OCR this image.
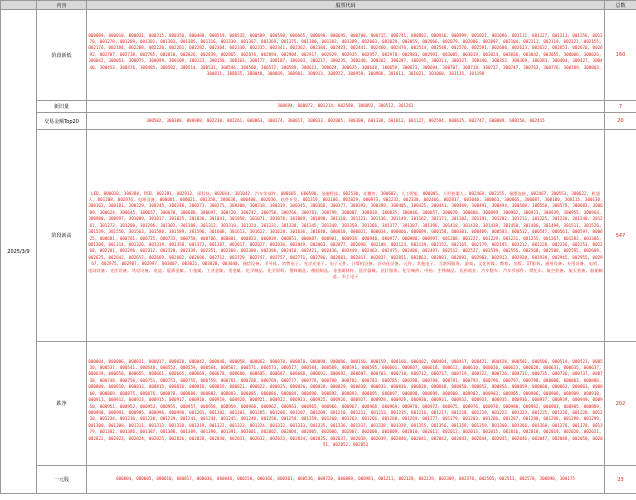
	内容	股票代码	总数
2025/3/9	阶段新低	000009, 000010, 000031, 000315, 000356, 000480, 000519, 000535, 000589, 000590, 000665, 000690, 000695, 000708, 000715, 000741, 000881, 000916, 000999, 001021, 001096, 001111, 001127, 001211, 001256, 001270, 001278, 001289, 001301, 001303, 001305, 001316, 001330, 001367, 001369, 001375, 001380, 001383, 001389, 002003, 002029, 002055, 002066, 002079, 002086, 002097, 002104, 002111, 002119, 002121, 002155, 002176, 002184, 002208, 002220, 002261, 002282, 002304, 002330, 002335, 002341, 002362, 002384, 002423, 002441, 002460, 002476, 002514, 002548, 002570, 002591, 002600, 002623, 002632, 002653, 002676, 002692, 002707, 002738, 002785, 002810, 002826, 002839, 002865, 002876, 002894, 002904, 002917, 002929, 002935, 002957, 002970, 002983, 002991, 003005, 003019, 003024, 003036, 003042, 003055, 300006, 300026, 300042, 300053, 300075, 300099, 300109, 300123, 300150, 300163, 300177, 300187, 300203, 300217, 300235, 300248, 300262, 300287, 300295, 300311, 300327, 300340, 300352, 300369, 300383, 300404, 300427, 300440, 300453, 300476, 300485, 300502, 300514, 300531, 300546, 300560, 300572, 300589, 300611, 300624, 300635, 300648, 300659, 300673, 300694, 300707, 300718, 300727, 300747, 300763, 300776, 300789, 300803, 300811, 300835, 300848, 300869, 300901, 300913, 300922, 300958, 300986, 301011, 301021, 301060, 301135, 301198	160
	新旧量	300694, 000072, 001214, 002588, 300092, 300512, 301261	7
	交易金额Top20	300502, 300308, 000988, 002230, 002261, 000063, 300274, 300017, 300033, 002085, 300308, 601138, 601012, 601127, 002594, 000625, 002747, 600089, 688256, 002415	20
	阶段新高	LED, 000020, 300380, PCB, 002281, 002913, 深科技, 002014, 301042, 汽车零部件, 000605, 600590, 金融科技, 002530, 光模块, 300602, 人工智能, 000085, 人形机器人, 002468, 002155, 铜缆连接, 002467, 300553, 300622, 机器人, 001208, 002976, 电源设备, 000001, 000021, 002358, 300638, 000408, 002036, 软件开发, 001319, 002106, 002829, 000973, 002232, 002338, 002466, 002837, 003040, 300061, 300065, 300087, 300100, 300115, 300130, 300162, 300181, 300229, 300245, 300248, 300271, 300275, 300300, 300318, 300339, 300345, 300368, 300377, 300393, 300398, 300405, 300425, 300441, 300469, 300491, 300494, 300500, 300550, 300578, 300603, 300609, 300624, 300645, 300657, 300678, 300688, 300697, 300720, 300742, 300750, 300766, 300781, 300799, 300807, 300820, 300835, 300846, 300857, 300870, 300886, 300899, 300902, 300921, 300939, 300955, 300964, 300980, 300997, 301009, 301017, 301025, 301036, 301041, 301058, 301071, 301078, 301089, 301098, 301110, 301121, 301136, 301149, 301162, 301171, 301182, 301191, 301202, 301211, 301225, 301236, 301248, 301261, 301272, 301280, 301296, 301302, 301308, 301312, 301318, 301324, 301331, 301338, 301345, 301349, 301358, 301366, 301377, 301387, 301396, 301418, 301428, 301439, 301458, 301486, 301499, 301511, 301526, 301539, 301550, 301563, 301580, 301589, 301596, 301608, 301613, 301622, 301628, 301636, 301648, 000010, 000021, 000034, 000066, 000099, 000158, 000301, 000409, 000503, 000532, 000547, 000561, 000597, 000625, 000681, 000701, 000725, 000733, 000758, 000786, 000801, 000823, 000839, 000851, 000887, 000901, 000938, 000948, 000977, 000988, 000997, 001208, 001227, 001229, 001231, 001255, 001267, 001282, 001306, 001309, 001314, 001326, 001339, 001358, 001373, 001387, 002017, 002027, 002036, 002049, 002063, 002077, 002090, 002108, 002123, 002139, 002152, 002165, 002179, 002195, 002212, 002228, 002236, 002253, 002268, 002281, 002296, 002312, 002328, 002339, 002351, 002368, 002380, 002396, 002410, 002421, 002436, 002449, 002463, 002475, 002488, 002497, 002512, 002527, 002539, 002555, 002568, 002580, 002595, 002609, 002625, 002642, 002657, 002669, 002682, 002696, 002712, 002729, 002747, 002757, 002771, 002786, 002801, 002817, 002837, 002851, 002861, 002881, 002892, 002902, 002913, 002920, 002938, 002945, 002955, 002967, 002975, 002987, 002997, 003007, 003021, 003028, 003040, 通信设备, 半导体, 消费电子, 光学光电子, 电子元件, 计算机设备, 自动化设备, 元件, 其他电子, 互联网服务, 游戏, 文化传媒, 教育, 出版, IT服务, 通用设备, 专用设备, 电机, 电网设备, 光伏设备, 风电设备, 电池, 能源金属, 小金属, 工业金属, 贵金属, 化学制品, 化学原料, 塑料制品, 橡胶制品, 非金属材料, 医疗器械, 医疗服务, 化学制药, 中药, 生物制品, 医药商业, 汽车整车, 汽车零部件, 摩托车, 航空装备, 航天装备, 船舶制造, 军工电子	547
	跌净	000004, 000006, 000011, 000017, 000028, 000042, 000048, 000058, 000062, 000070, 000078, 000090, 000096, 000150, 000159, 000166, 000402, 000404, 000417, 000421, 000428, 000501, 000506, 000514, 000523, 000530, 000537, 000541, 000548, 000553, 000559, 000564, 000567, 000571, 000573, 000577, 000584, 000589, 000591, 000595, 000601, 000607, 000610, 000612, 000616, 000620, 000623, 000628, 000631, 000635, 000637, 000639, 000650, 000655, 000661, 000665, 000669, 000678, 000680, 000685, 000687, 000688, 000691, 000692, 000697, 000703, 000710, 000712, 000717, 000719, 000722, 000726, 000731, 000735, 000736, 000737, 000738, 000748, 000750, 000751, 000753, 000755, 000759, 000761, 000768, 000769, 000777, 000778, 000780, 000782, 000783, 000785, 000788, 000790, 000791, 000793, 000796, 000797, 000798, 000800, 000803, 000806, 000809, 000810, 000813, 000815, 000816, 000818, 000819, 000821, 000822, 000825, 000826, 000828, 000829, 000830, 000833, 000836, 000838, 000848, 000850, 000852, 000856, 000859, 000860, 000862, 000863, 000868, 000869, 000875, 000876, 000878, 000880, 000882, 000883, 000885, 000886, 000889, 000890, 000892, 000893, 000895, 000897, 000898, 000899, 000900, 000902, 000903, 000905, 000906, 000908, 000909, 000910, 000911, 000912, 000913, 000915, 000917, 000918, 000919, 000920, 000921, 000922, 000923, 000925, 000926, 000927, 000928, 000929, 000930, 000931, 000932, 000933, 000935, 000936, 000937, 000939, 000949, 000950, 000951, 000952, 000953, 000955, 000957, 000958, 000959, 000960, 000962, 000963, 000965, 000966, 000967, 000968, 000969, 000970, 000972, 000975, 000976, 000978, 000980, 000982, 000983, 000985, 000989, 000990, 000993, 000995, 000996, 000998, 001201, 001202, 001203, 001205, 001206, 001207, 001209, 001210, 001212, 001213, 001215, 001216, 001217, 001218, 001219, 001222, 001223, 001225, 001226, 001228, 001230, 001234, 001236, 001238, 001239, 001241, 001244, 001245, 001248, 001250, 001258, 001259, 001260, 001263, 001266, 001268, 001269, 001277, 001279, 001283, 001286, 001287, 001288, 001296, 001298, 001299, 001300, 001308, 001311, 001313, 001318, 001319, 001322, 001323, 001324, 001332, 001333, 001335, 001336, 001337, 001338, 001339, 001355, 001356, 001358, 001359, 001360, 001366, 001368, 001376, 001378, 001379, 001382, 001386, 001387, 001388, 001389, 001390, 001391, 002001, 002002, 002004, 002005, 002006, 002007, 002008, 002009, 002010, 002011, 002012, 002013, 002015, 002016, 002018, 002019, 002020, 002021, 002022, 002023, 002024, 002025, 002026, 002028, 002030, 002031, 002032, 002033, 002034, 002035, 002037, 002038, 002039, 002040, 002041, 002042, 002043, 002044, 002045, 002046, 002047, 002048, 002050, 002051, 002052, 002053	202
	一元股	000004, 000005, 000010, 000017, 000036, 000040, 000150, 000166, 000301, 000536, 000720, 000889, 000981, 001211, 002128, 002239, 002309, 002370, 002505, 002513, 002570, 300090, 300175	23
